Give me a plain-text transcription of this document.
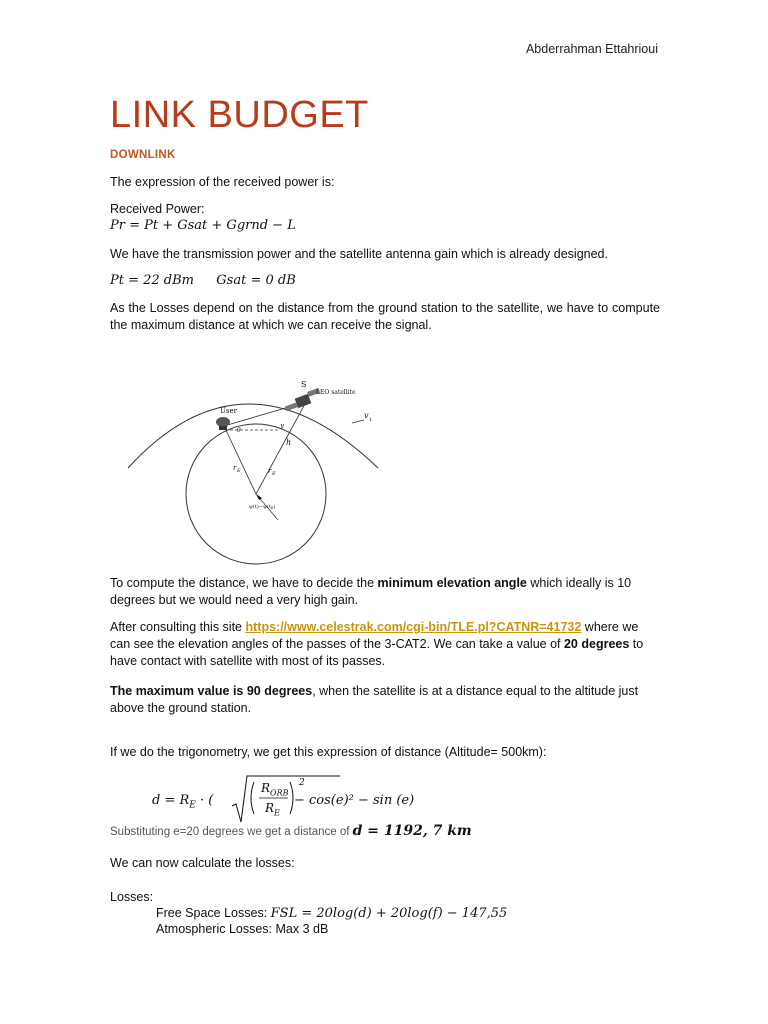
Abderrahman Ettahrioui
LINK BUDGET
DOWNLINK
The expression of the received power is:
Received Power:
Pr = Pt + Gsat + Ggrnd − L
We have the transmission power and the satellite antenna gain which is already designed.
Pt = 22 dBm Gsat = 0 dB
As the Losses depend on the distance from the ground station to the satellite, we have to compute the maximum distance at which we can receive the signal.
S
LEO satellite
User	v 1
γ
θ
h
r E	r E
$\psi(t)-\psi(t_E)$
To compute the distance, we have to decide the minimum elevation angle which ideally is 10 degrees but we would need a very high gain.
After consulting this site https://www.celestrak.com/cgi-bin/TLE.pl?CATNR=41732 where we can see the elevation angles of the passes of the 3-CAT2. We can take a value of 20 degrees to have contact with satellite with most of its passes.
The maximum value is 90 degrees, when the satellite is at a distance equal to the altitude just above the ground station.
If we do the trigonometry, we get this expression of distance (Altitude= 500km):
$d = R_E$ · (
$R_{ORB}$
$R_E$
2
− cos(e)² − sin (e)
Substituting e=20 degrees we get a distance of d = 1192, 7 km
We can now calculate the losses:
Losses:
Free Space Losses: FSL = 20log(d) + 20log(f) − 147,55
Atmospheric Losses: Max 3 dB
